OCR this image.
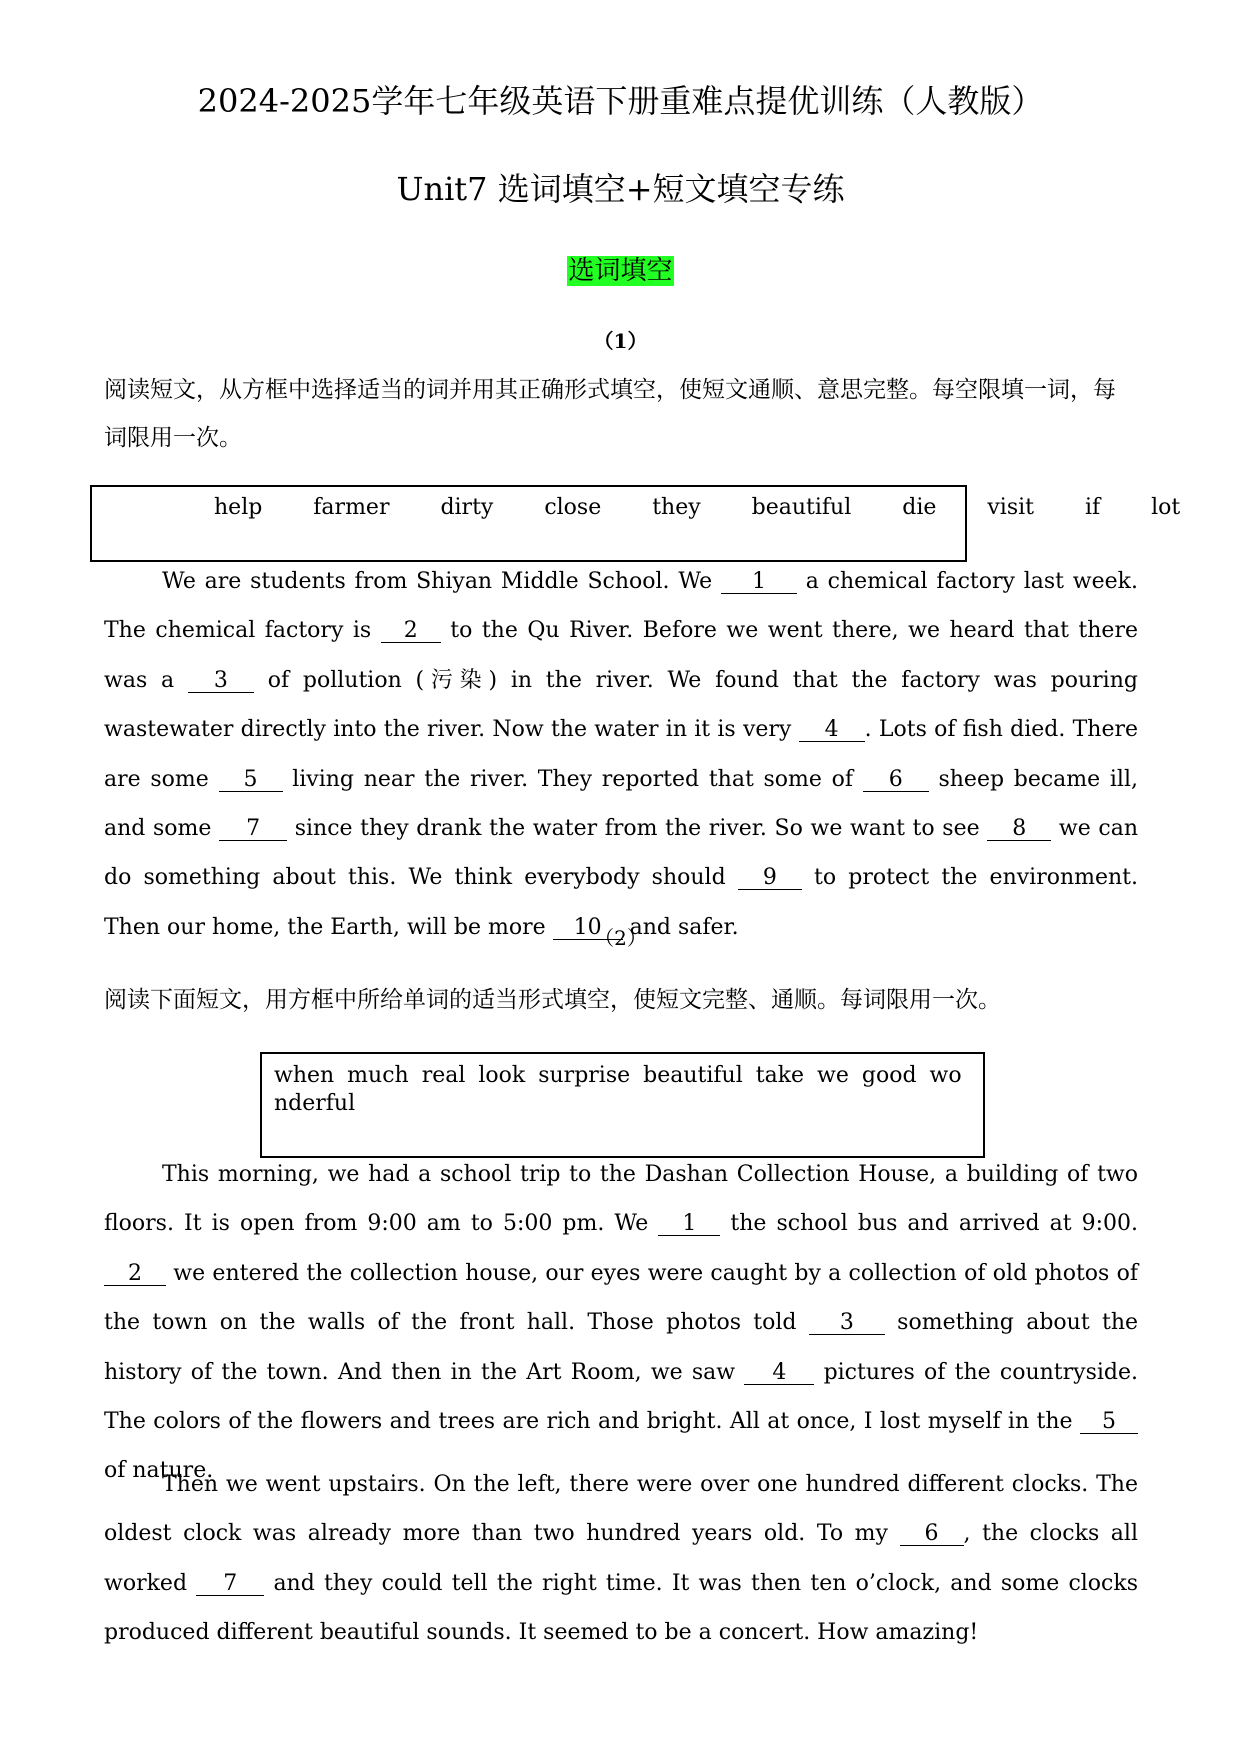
2024-2025学年七年级英语下册重难点提优训练（人教版）
Unit7 选词填空+短文填空专练
选词填空
（1）
阅读短文，从方框中选择适当的词并用其正确形式填空，使短文通顺、意思完整。每空限填一词，每词限用一次。
help   farmer   dirty   close   they   beautiful   die   visit   if   lot
We are students from Shiyan Middle School. We 1 a chemical factory last week. The chemical factory is 2 to the Qu River. Before we went there, we heard that there was a 3 of pollution (污染) in the river. We found that the factory was pouring wastewater directly into the river. Now the water in it is very 4 . Lots of fish died. There are some 5 living near the river. They reported that some of 6 sheep became ill, and some 7 since they drank the water from the river. So we want to see 8 we can do something about this. We think everybody should 9 to protect the environment. Then our home, the Earth, will be more 10 and safer.
（2）
阅读下面短文，用方框中所给单词的适当形式填空，使短文完整、通顺。每词限用一次。
when much real look surprise beautiful take we good wonderful
This morning, we had a school trip to the Dashan Collection House, a building of two floors. It is open from 9:00 am to 5:00 pm. We 1 the school bus and arrived at 9:00. 2 we entered the collection house, our eyes were caught by a collection of old photos of the town on the walls of the front hall. Those photos told 3 something about the history of the town. And then in the Art Room, we saw 4 pictures of the countryside. The colors of the flowers and trees are rich and bright. All at once, I lost myself in the 5 of nature.
Then we went upstairs. On the left, there were over one hundred different clocks. The oldest clock was already more than two hundred years old. To my 6 , the clocks all worked 7 and they could tell the right time. It was then ten o’clock, and some clocks produced different beautiful sounds. It seemed to be a concert. How amazing!
